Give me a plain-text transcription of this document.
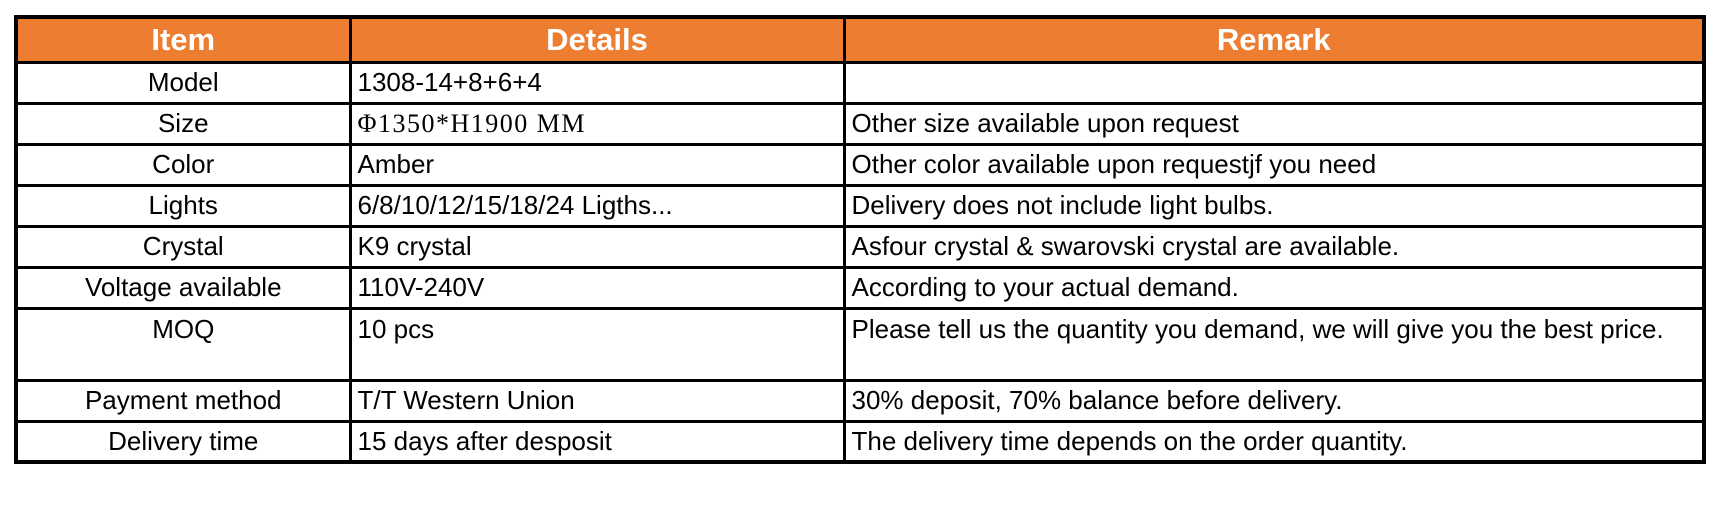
Item	Details	Remark
Model	1308-14+8+6+4	
Size	Φ1350*H1900 MM	Other size available upon request
Color	Amber	Other color available upon requestjf you need
Lights	6/8/10/12/15/18/24 Ligths...	Delivery does not include light bulbs.
Crystal	K9 crystal	Asfour crystal & swarovski crystal are available.
Voltage available	110V-240V	According to your actual demand.
MOQ	10 pcs	Please tell us the quantity you demand, we will give you the best price.
Payment method	T/T Western Union	30% deposit, 70% balance before delivery.
Delivery time	15 days after desposit	The delivery time depends on the order quantity.
